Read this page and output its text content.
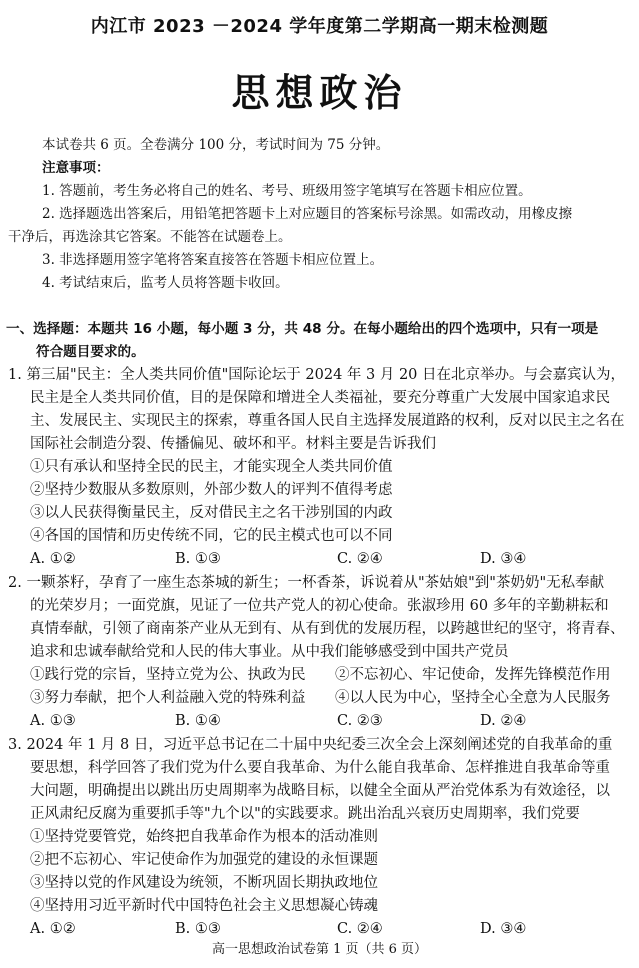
内江市 2023 －2024 学年度第二学期高一期末检测题
思想政治
本试卷共 6 页。全卷满分 100 分，考试时间为 75 分钟。
注意事项：
1. 答题前，考生务必将自己的姓名、考号、班级用签字笔填写在答题卡相应位置。
2. 选择题选出答案后，用铅笔把答题卡上对应题目的答案标号涂黑。如需改动，用橡皮擦
干净后，再选涂其它答案。不能答在试题卷上。
3. 非选择题用签字笔将答案直接答在答题卡相应位置上。
4. 考试结束后，监考人员将答题卡收回。
一、选择题：本题共 16 小题，每小题 3 分，共 48 分。在每小题给出的四个选项中，只有一项是
符合题目要求的。
1. 第三届"民主：全人类共同价值"国际论坛于 2024 年 3 月 20 日在北京举办。与会嘉宾认为，
民主是全人类共同价值，目的是保障和增进全人类福祉，要充分尊重广大发展中国家追求民
主、发展民主、实现民主的探索，尊重各国人民自主选择发展道路的权利，反对以民主之名在
国际社会制造分裂、传播偏见、破坏和平。材料主要是告诉我们
①只有承认和坚持全民的民主，才能实现全人类共同价值
②坚持少数服从多数原则，外部少数人的评判不值得考虑
③以人民获得衡量民主，反对借民主之名干涉别国的内政
④各国的国情和历史传统不同，它的民主模式也可以不同
A. ①②	B. ①③	C. ②④	D. ③④
2. 一颗茶籽，孕育了一座生态茶城的新生；一杯香茶，诉说着从"茶姑娘"到"茶奶奶"无私奉献
的光荣岁月；一面党旗，见证了一位共产党人的初心使命。张淑珍用 60 多年的辛勤耕耘和
真情奉献，引领了商南茶产业从无到有、从有到优的发展历程，以跨越世纪的坚守，将青春、
追求和忠诚奉献给党和人民的伟大事业。从中我们能够感受到中国共产党员
①践行党的宗旨，坚持立党为公、执政为民 ②不忘初心、牢记使命，发挥先锋模范作用
③努力奉献，把个人利益融入党的特殊利益 ④以人民为中心，坚持全心全意为人民服务
A. ①③	B. ①④	C. ②③	D. ②④
3. 2024 年 1 月 8 日，习近平总书记在二十届中央纪委三次全会上深刻阐述党的自我革命的重
要思想，科学回答了我们党为什么要自我革命、为什么能自我革命、怎样推进自我革命等重
大问题，明确提出以跳出历史周期率为战略目标，以健全全面从严治党体系为有效途径，以
正风肃纪反腐为重要抓手等"九个以"的实践要求。跳出治乱兴衰历史周期率，我们党要
①坚持党要管党，始终把自我革命作为根本的活动准则
②把不忘初心、牢记使命作为加强党的建设的永恒课题
③坚持以党的作风建设为统领，不断巩固长期执政地位
④坚持用习近平新时代中国特色社会主义思想凝心铸魂
A. ①②	B. ①③	C. ②④	D. ③④
高一思想政治试卷第 1 页（共 6 页）
